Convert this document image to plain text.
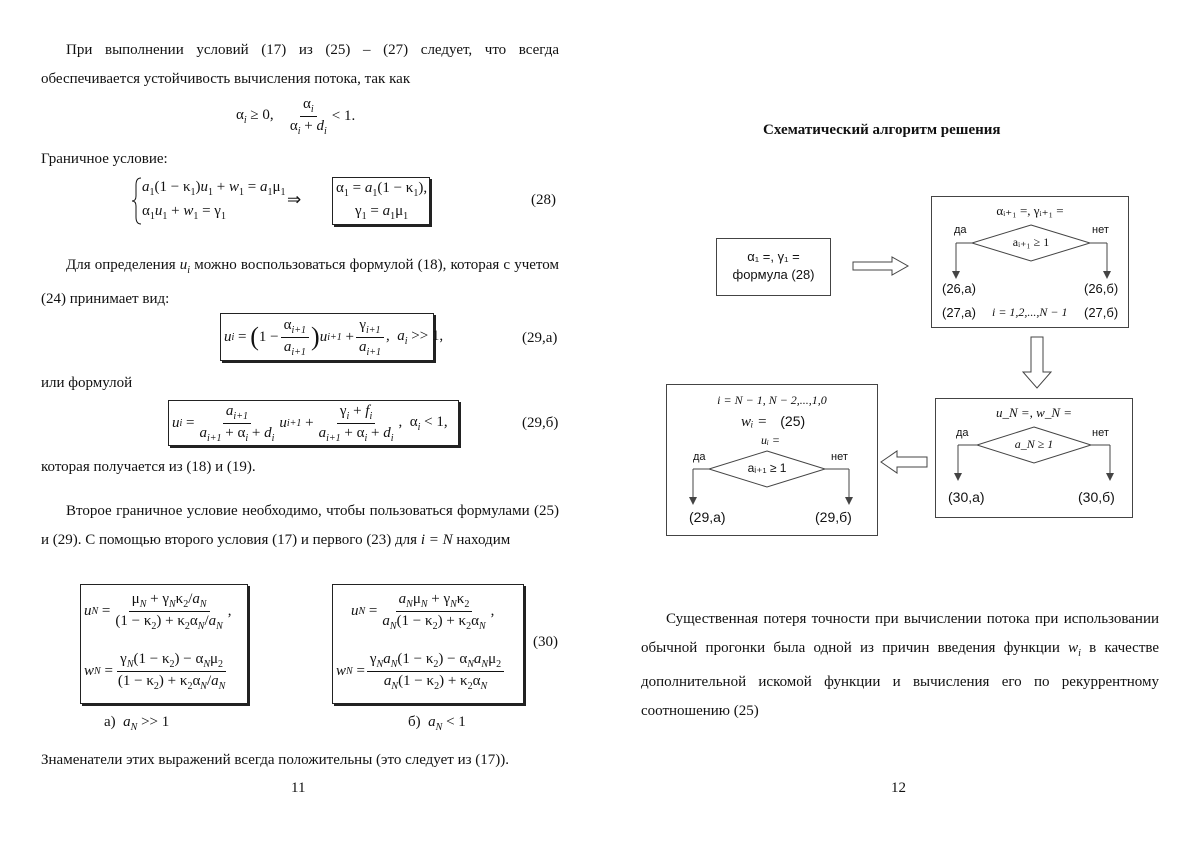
При выполнении условий (17) из (25) – (27) следует, что всегда обеспечивается устойчивость вычисления потока, так как
αi ≥ 0,
αi
αi + di
< 1.
Граничное условие:
a1(1 − κ1)u1 + w1 = a1μ1
α1u1 + w1 = γ1
⇒
α1 = a1(1 − κ1),
γ1 = a1μ1
(28)
Для определения ui можно воспользоваться формулой (18), которая с учетом (24) принимает вид:
u i = ( 1 −
αi+1
ai+1
) u i+1 +
γi+1
ai+1
,  ai >> 1,	(29,а)
или формулой
u i =
ai+1
ai+1 + αi + di
u i+1 +
γi + fi
ai+1 + αi + di
,  αi < 1,	(29,б)
которая получается из (18) и (19).
Второе граничное условие необходимо, чтобы пользоваться формулами (25) и (29). С помощью второго условия (17) и первого (23) для i = N находим
u N =
μN + γNκ2/aN
(1 − κ2) + κ2αN/aN
,
w N =
γN(1 − κ2) − αNμ2
(1 − κ2) + κ2αN/aN
u N =
aNμN + γNκ2
aN(1 − κ2) + κ2αN
,
w N =
γNaN(1 − κ2) − αNaNμ2
aN(1 − κ2) + κ2αN
(30)
а) aN >> 1	б) aN < 1
Знаменатели этих выражений всегда положительны (это следует из (17)).
11
Схематический алгоритм решения
α₁ =, γ₁ =
формула (28)
αᵢ₊₁ =, γᵢ₊₁ =
да	нет
aᵢ₊₁ ≥ 1
(26,а)	(26,б)
(27,а) i = 1,2,...,N − 1 (27,б)
u_N =, w_N =
да	нет
a_N ≥ 1
(30,а)	(30,б)
i = N − 1, N − 2,...,1,0
wᵢ = (25)
uᵢ =
да	нет
aᵢ₊₁ ≥ 1
(29,а)	(29,б)
Существенная потеря точности при вычислении потока при использовании обычной прогонки была одной из причин введения функции wi в качестве дополнительной искомой функции и вычисления его по рекуррентному соотношению (25)
12
